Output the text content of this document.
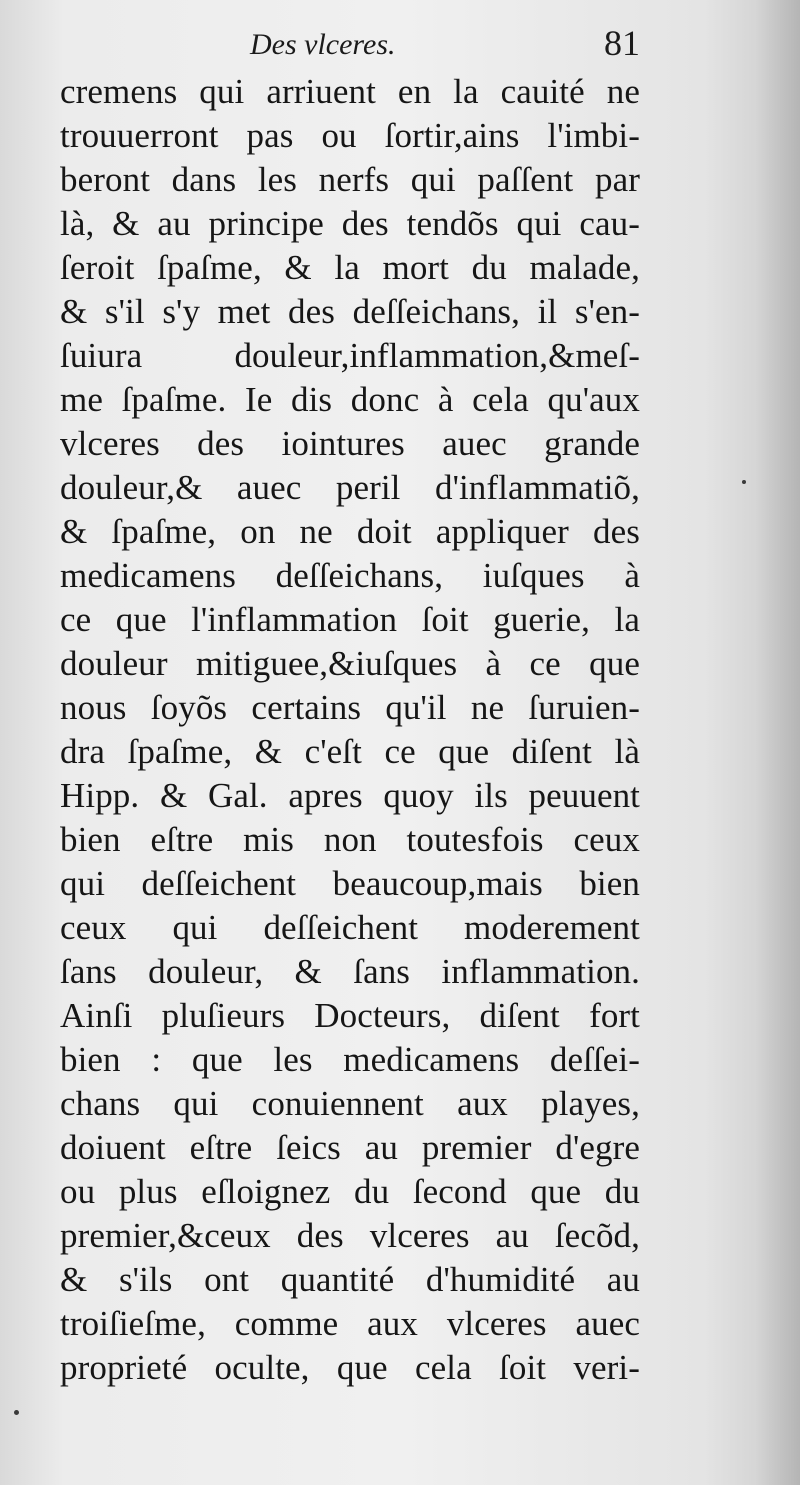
Des vlceres.	81
cremens qui arriuent en la cauité ne
trouuerront pas ou ſortir,ains l'imbi-
beront dans les nerfs qui paſſent par
là, & au principe des tendõs qui cau-
ſeroit ſpaſme, & la mort du malade,
& s'il s'y met des deſſeichans, il s'en-
ſuiura douleur,inflammation,&meſ-
me ſpaſme. Ie dis donc à cela qu'aux
vlceres des iointures auec grande
douleur,& auec peril d'inflammatiõ,
& ſpaſme, on ne doit appliquer des
medicamens deſſeichans, iuſques à
ce que l'inflammation ſoit guerie, la
douleur mitiguee,&iuſques à ce que
nous ſoyõs certains qu'il ne ſuruien-
dra ſpaſme, & c'eſt ce que diſent là
Hipp. & Gal. apres quoy ils peuuent
bien eſtre mis non toutesfois ceux
qui deſſeichent beaucoup,mais bien
ceux qui deſſeichent moderement
ſans douleur, & ſans inflammation.
Ainſi pluſieurs Docteurs, diſent fort
bien : que les medicamens deſſei-
chans qui conuiennent aux playes,
doiuent eſtre ſeics au premier d'egre
ou plus eſloignez du ſecond que du
premier,&ceux des vlceres au ſecõd,
& s'ils ont quantité d'humidité au
troiſieſme, comme aux vlceres auec
proprieté oculte, que cela ſoit veri-
